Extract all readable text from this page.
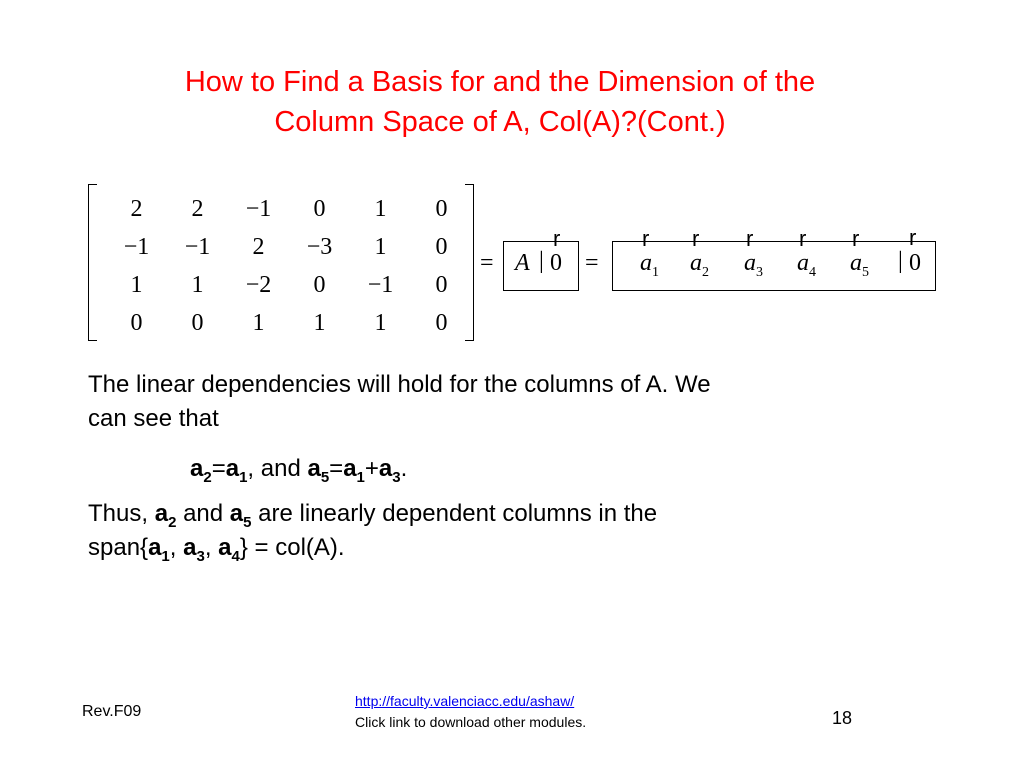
How to Find a Basis for and the Dimension of the
Column Space of A, Col(A)?(Cont.)
2	2	−1	0	1	0
−1	−1	2	−3	1	0
1	1	−2	0	−1	0
0	0	1	1	1	0
= A | 0 =
r	r
$a_1$
r
$a_2$
r
$a_3$
r
$a_4$
r
$a_5$
r
| 0
The linear dependencies will hold for the columns of A. We
can see that
$a_2=a_1$, and $a_5=a_1+a_3$.
Thus, $a_2$ and $a_5$ are linearly dependent columns in the
$span\{a_1$, $a_3$, $a_4\} = col(A)$.
Rev.F09
http://faculty.valenciacc.edu/ashaw/
Click link to download other modules.	18
